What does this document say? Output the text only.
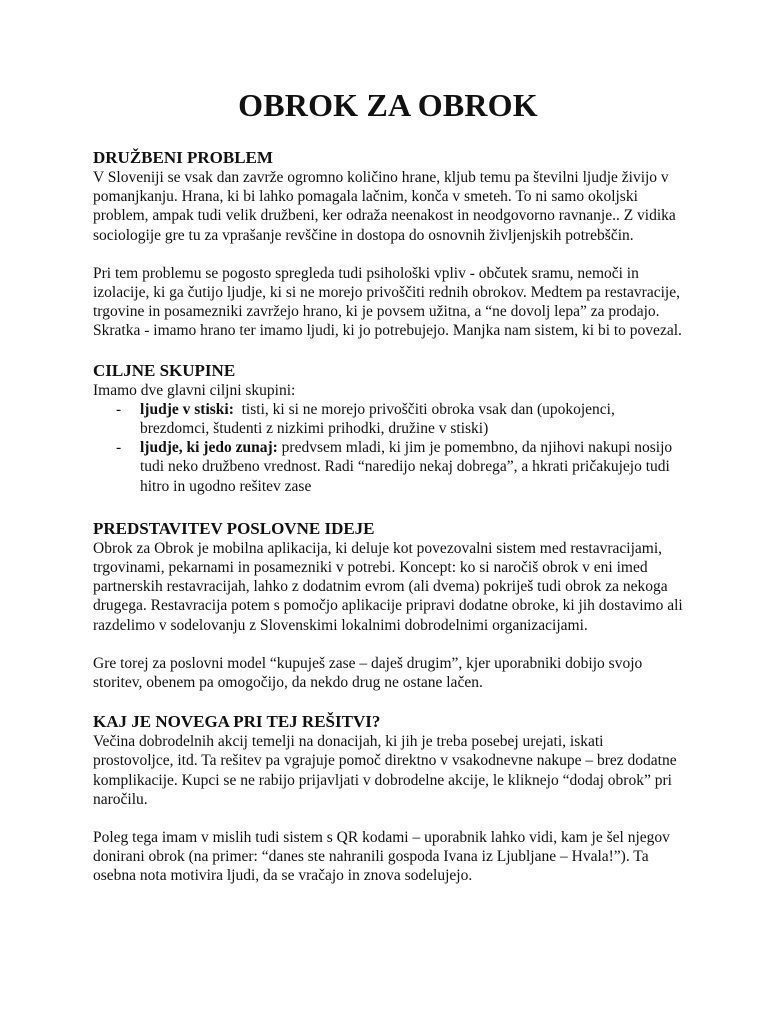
OBROK ZA OBROK
DRUŽBENI PROBLEM

V Sloveniji se vsak dan zavrže ogromno količino hrane, kljub temu pa številni ljudje živijo v pomanjkanju. Hrana, ki bi lahko pomagala lačnim, konča v smeteh. To ni samo okoljski problem, ampak tudi velik družbeni, ker odraža neenakost in neodgovorno ravnanje.. Z vidika sociologije gre tu za vprašanje revščine in dostopa do osnovnih življenjskih potrebščin.

Pri tem problemu se pogosto spregleda tudi psihološki vpliv - občutek sramu, nemoči in izolacije, ki ga čutijo ljudje, ki si ne morejo privoščiti rednih obrokov. Medtem pa restavracije, trgovine in posamezniki zavržejo hrano, ki je povsem užitna, a “ne dovolj lepa” za prodajo. Skratka - imamo hrano ter imamo ljudi, ki jo potrebujejo. Manjka nam sistem, ki bi to povezal.

CILJNE SKUPINE

Imamo dve glavni ciljni skupini:

- ljudje v stiski:  tisti, ki si ne morejo privoščiti obroka vsak dan (upokojenci, brezdomci, študenti z nizkimi prihodki, družine v stiski)
- ljudje, ki jedo zunaj: predvsem mladi, ki jim je pomembno, da njihovi nakupi nosijo tudi neko družbeno vrednost. Radi “naredijo nekaj dobrega”, a hkrati pričakujejo tudi hitro in ugodno rešitev zase
PREDSTAVITEV POSLOVNE IDEJE

Obrok za Obrok je mobilna aplikacija, ki deluje kot povezovalni sistem med restavracijami, trgovinami, pekarnami in posamezniki v potrebi. Koncept: ko si naročiš obrok v eni imed partnerskih restavracijah, lahko z dodatnim evrom (ali dvema) pokriješ tudi obrok za nekoga drugega. Restavracija potem s pomočjo aplikacije pripravi dodatne obroke, ki jih dostavimo ali razdelimo v sodelovanju z Slovenskimi lokalnimi dobrodelnimi organizacijami.

Gre torej za poslovni model “kupuješ zase – daješ drugim”, kjer uporabniki dobijo svojo storitev, obenem pa omogočijo, da nekdo drug ne ostane lačen.

KAJ JE NOVEGA PRI TEJ REŠITVI?

Večina dobrodelnih akcij temelji na donacijah, ki jih je treba posebej urejati, iskati prostovoljce, itd. Ta rešitev pa vgrajuje pomoč direktno v vsakodnevne nakupe – brez dodatne komplikacije. Kupci se ne rabijo prijavljati v dobrodelne akcije, le kliknejo “dodaj obrok” pri naročilu.

Poleg tega imam v mislih tudi sistem s QR kodami – uporabnik lahko vidi, kam je šel njegov donirani obrok (na primer: “danes ste nahranili gospoda Ivana iz Ljubljane – Hvala!”). Ta osebna nota motivira ljudi, da se vračajo in znova sodelujejo.
